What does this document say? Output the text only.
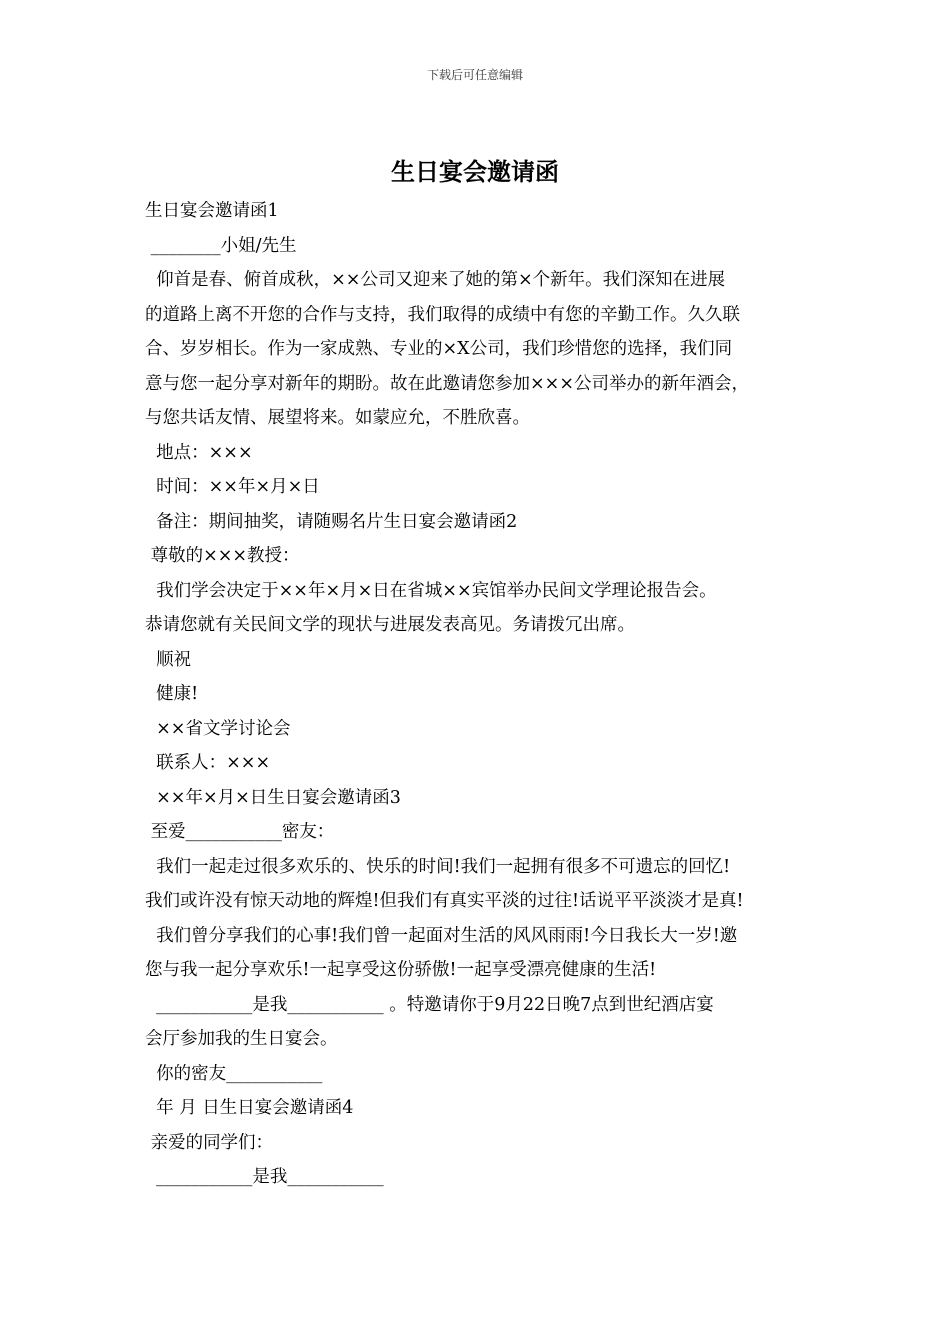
下载后可任意编辑
生日宴会邀请函

生日宴会邀请函1

________小姐/先生

仰首是春、俯首成秋，××公司又迎来了她的第×个新年。我们深知在进展

的道路上离不开您的合作与支持，我们取得的成绩中有您的辛勤工作。久久联

合、岁岁相长。作为一家成熟、专业的×X公司，我们珍惜您的选择，我们同

意与您一起分享对新年的期盼。故在此邀请您参加×××公司举办的新年酒会，

与您共话友情、展望将来。如蒙应允，不胜欣喜。

地点：×××

时间：××年×月×日

备注：期间抽奖，请随赐名片生日宴会邀请函2

尊敬的×××教授：

我们学会决定于××年×月×日在省城××宾馆举办民间文学理论报告会。

恭请您就有关民间文学的现状与进展发表高见。务请拨冗出席。

顺祝

健康!

××省文学讨论会

联系人：×××

××年×月×日生日宴会邀请函3

至爱___________密友：

我们一起走过很多欢乐的、快乐的时间!我们一起拥有很多不可遗忘的回忆!

我们或许没有惊天动地的辉煌!但我们有真实平淡的过往!话说平平淡淡才是真!

我们曾分享我们的心事!我们曾一起面对生活的风风雨雨!今日我长大一岁!邀

您与我一起分享欢乐!一起享受这份骄傲!一起享受漂亮健康的生活!

___________是我___________ 。特邀请你于9月22日晚7点到世纪酒店宴

会厅参加我的生日宴会。

你的密友___________

年 月 日生日宴会邀请函4

亲爱的同学们：

___________是我___________
